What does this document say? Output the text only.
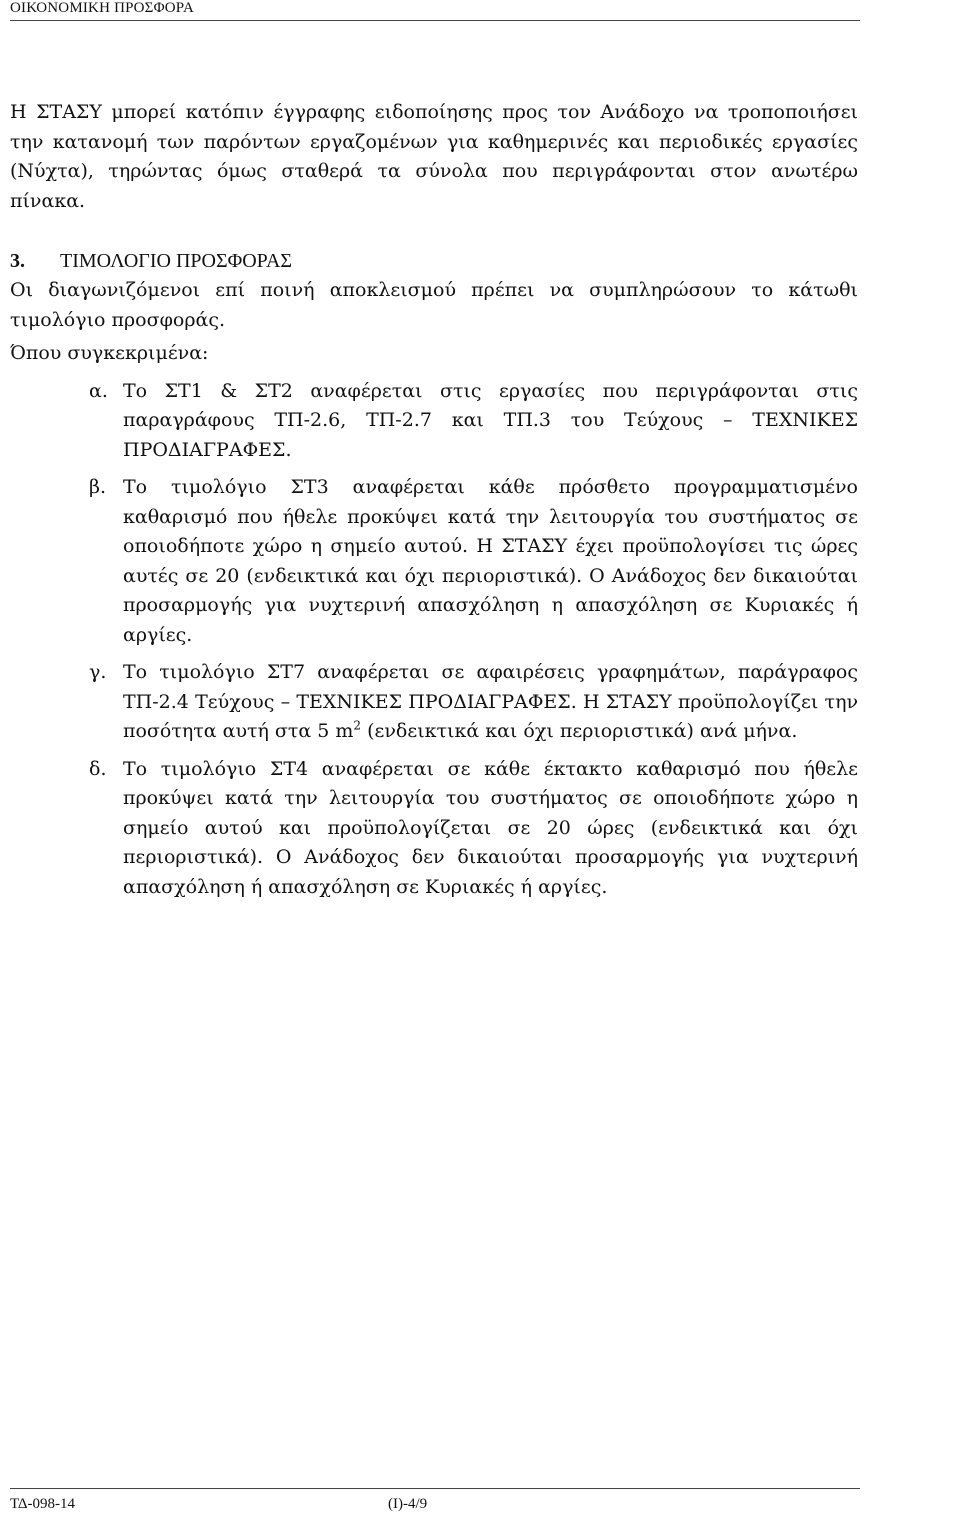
ΟΙΚΟΝΟΜΙΚΗ ΠΡΟΣΦΟΡΑ

Η ΣΤΑΣΥ μπορεί κατόπιν έγγραφης ειδοποίησης προς τον Ανάδοχο να τροποποιήσει την κατανομή των παρόντων εργαζομένων για καθημερινές και περιοδικές εργασίες (Νύχτα), τηρώντας όμως σταθερά τα σύνολα που περιγράφονται στον ανωτέρω πίνακα.

3. ΤΙΜΟΛΟΓΙΟ ΠΡΟΣΦΟΡΑΣ

Οι διαγωνιζόμενοι επί ποινή αποκλεισμού πρέπει να συμπληρώσουν το κάτωθι τιμολόγιο προσφοράς.

Όπου συγκεκριμένα:

α. Το ΣΤ1 & ΣΤ2 αναφέρεται στις εργασίες που περιγράφονται στις παραγράφους ΤΠ-2.6, ΤΠ-2.7 και ΤΠ.3 του Τεύχους – ΤΕΧΝΙΚΕΣ ΠΡΟΔΙΑΓΡΑΦΕΣ.
β. Το τιμολόγιο ΣΤ3 αναφέρεται κάθε πρόσθετο προγραμματισμένο καθαρισμό που ήθελε προκύψει κατά την λειτουργία του συστήματος σε οποιοδήποτε χώρο η σημείο αυτού. Η ΣΤΑΣΥ έχει προϋπολογίσει τις ώρες αυτές σε 20 (ενδεικτικά και όχι περιοριστικά). Ο Ανάδοχος δεν δικαιούται προσαρμογής για νυχτερινή απασχόληση η απασχόληση σε Κυριακές ή αργίες.
γ. Το τιμολόγιο ΣΤ7 αναφέρεται σε αφαιρέσεις γραφημάτων, παράγραφος ΤΠ-2.4 Τεύχους – ΤΕΧΝΙΚΕΣ ΠΡΟΔΙΑΓΡΑΦΕΣ. Η ΣΤΑΣΥ προϋπολογίζει την ποσότητα αυτή στα 5 $m^2$ (ενδεικτικά και όχι περιοριστικά) ανά μήνα.
δ. Το τιμολόγιο ΣΤ4 αναφέρεται σε κάθε έκτακτο καθαρισμό που ήθελε προκύψει κατά την λειτουργία του συστήματος σε οποιοδήποτε χώρο η σημείο αυτού και προϋπολογίζεται σε 20 ώρες (ενδεικτικά και όχι περιοριστικά). Ο Ανάδοχος δεν δικαιούται προσαρμογής για νυχτερινή απασχόληση ή απασχόληση σε Κυριακές ή αργίες.
ΤΔ-098-14	(Ι)-4/9
